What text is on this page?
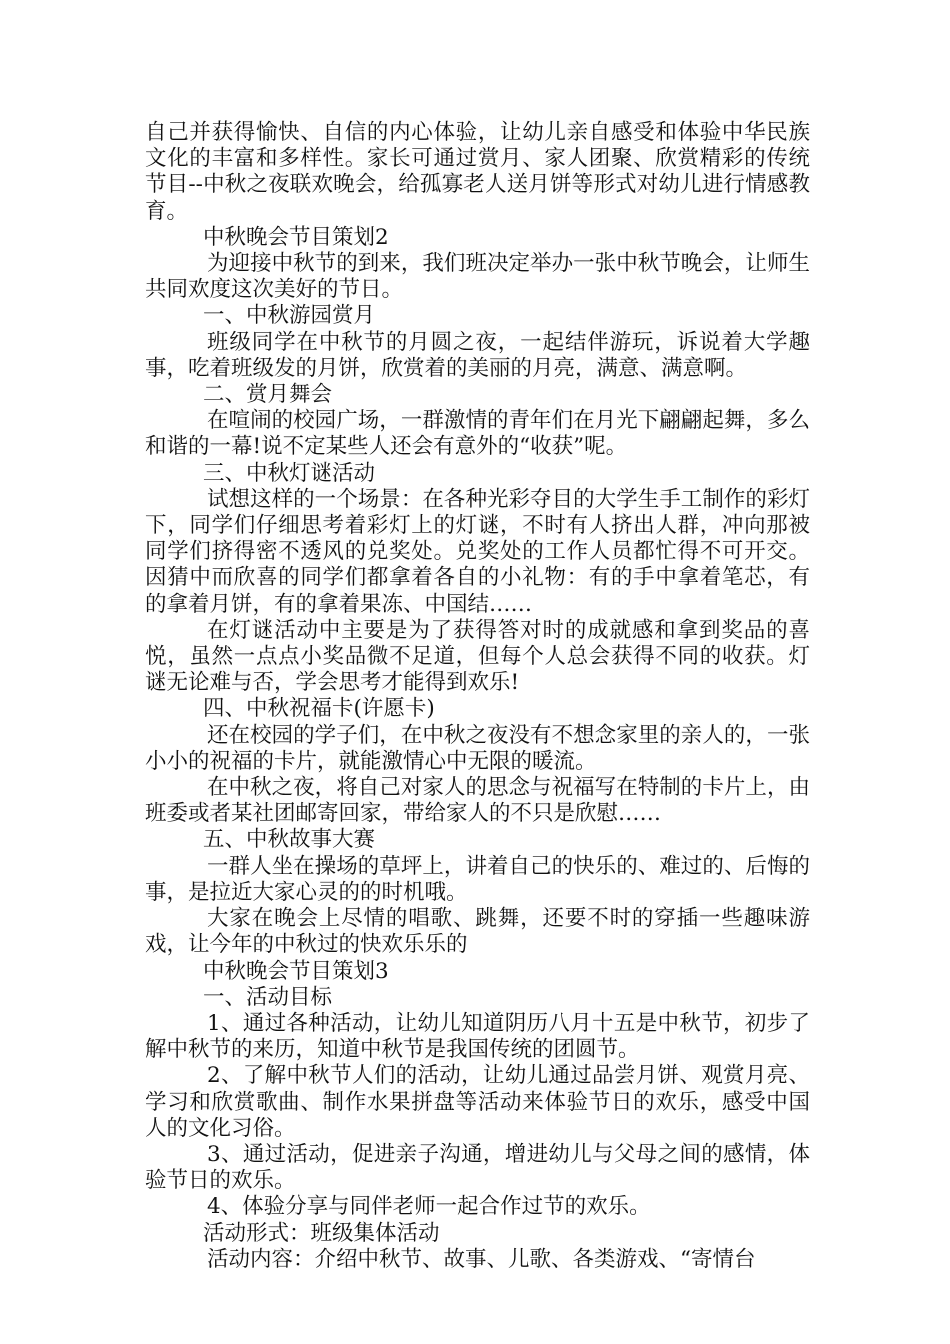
自己并获得愉快、自信的内心体验，让幼儿亲自感受和体验中华民族文化的丰富和多样性。家长可通过赏月、家人团聚、欣赏精彩的传统节目--中秋之夜联欢晚会，给孤寡老人送月饼等形式对幼儿进行情感教育。

中秋晚会节目策划2

为迎接中秋节的到来，我们班决定举办一张中秋节晚会，让师生共同欢度这次美好的节日。

一、中秋游园赏月

班级同学在中秋节的月圆之夜，一起结伴游玩，诉说着大学趣事，吃着班级发的月饼，欣赏着的美丽的月亮，满意、满意啊。

二、赏月舞会

在喧闹的校园广场，一群激情的青年们在月光下翩翩起舞，多么和谐的一幕!说不定某些人还会有意外的“收获”呢。

三、中秋灯谜活动

试想这样的一个场景：在各种光彩夺目的大学生手工制作的彩灯下，同学们仔细思考着彩灯上的灯谜，不时有人挤出人群，冲向那被同学们挤得密不透风的兑奖处。兑奖处的工作人员都忙得不可开交。因猜中而欣喜的同学们都拿着各自的小礼物：有的手中拿着笔芯，有的拿着月饼，有的拿着果冻、中国结……

在灯谜活动中主要是为了获得答对时的成就感和拿到奖品的喜悦，虽然一点点小奖品微不足道，但每个人总会获得不同的收获。灯谜无论难与否，学会思考才能得到欢乐!

四、中秋祝福卡(许愿卡)

还在校园的学子们，在中秋之夜没有不想念家里的亲人的，一张小小的祝福的卡片，就能激情心中无限的暖流。

在中秋之夜，将自己对家人的思念与祝福写在特制的卡片上，由班委或者某社团邮寄回家，带给家人的不只是欣慰……

五、中秋故事大赛

一群人坐在操场的草坪上，讲着自己的快乐的、难过的、后悔的事，是拉近大家心灵的的时机哦。

大家在晚会上尽情的唱歌、跳舞，还要不时的穿插一些趣味游戏，让今年的中秋过的快欢乐乐的

中秋晚会节目策划3

一、活动目标

1、通过各种活动，让幼儿知道阴历八月十五是中秋节，初步了解中秋节的来历，知道中秋节是我国传统的团圆节。

2、了解中秋节人们的活动，让幼儿通过品尝月饼、观赏月亮、学习和欣赏歌曲、制作水果拼盘等活动来体验节日的欢乐，感受中国人的文化习俗。

3、通过活动，促进亲子沟通，增进幼儿与父母之间的感情，体验节日的欢乐。

4、体验分享与同伴老师一起合作过节的欢乐。

活动形式：班级集体活动

活动内容：介绍中秋节、故事、儿歌、各类游戏、“寄情台
